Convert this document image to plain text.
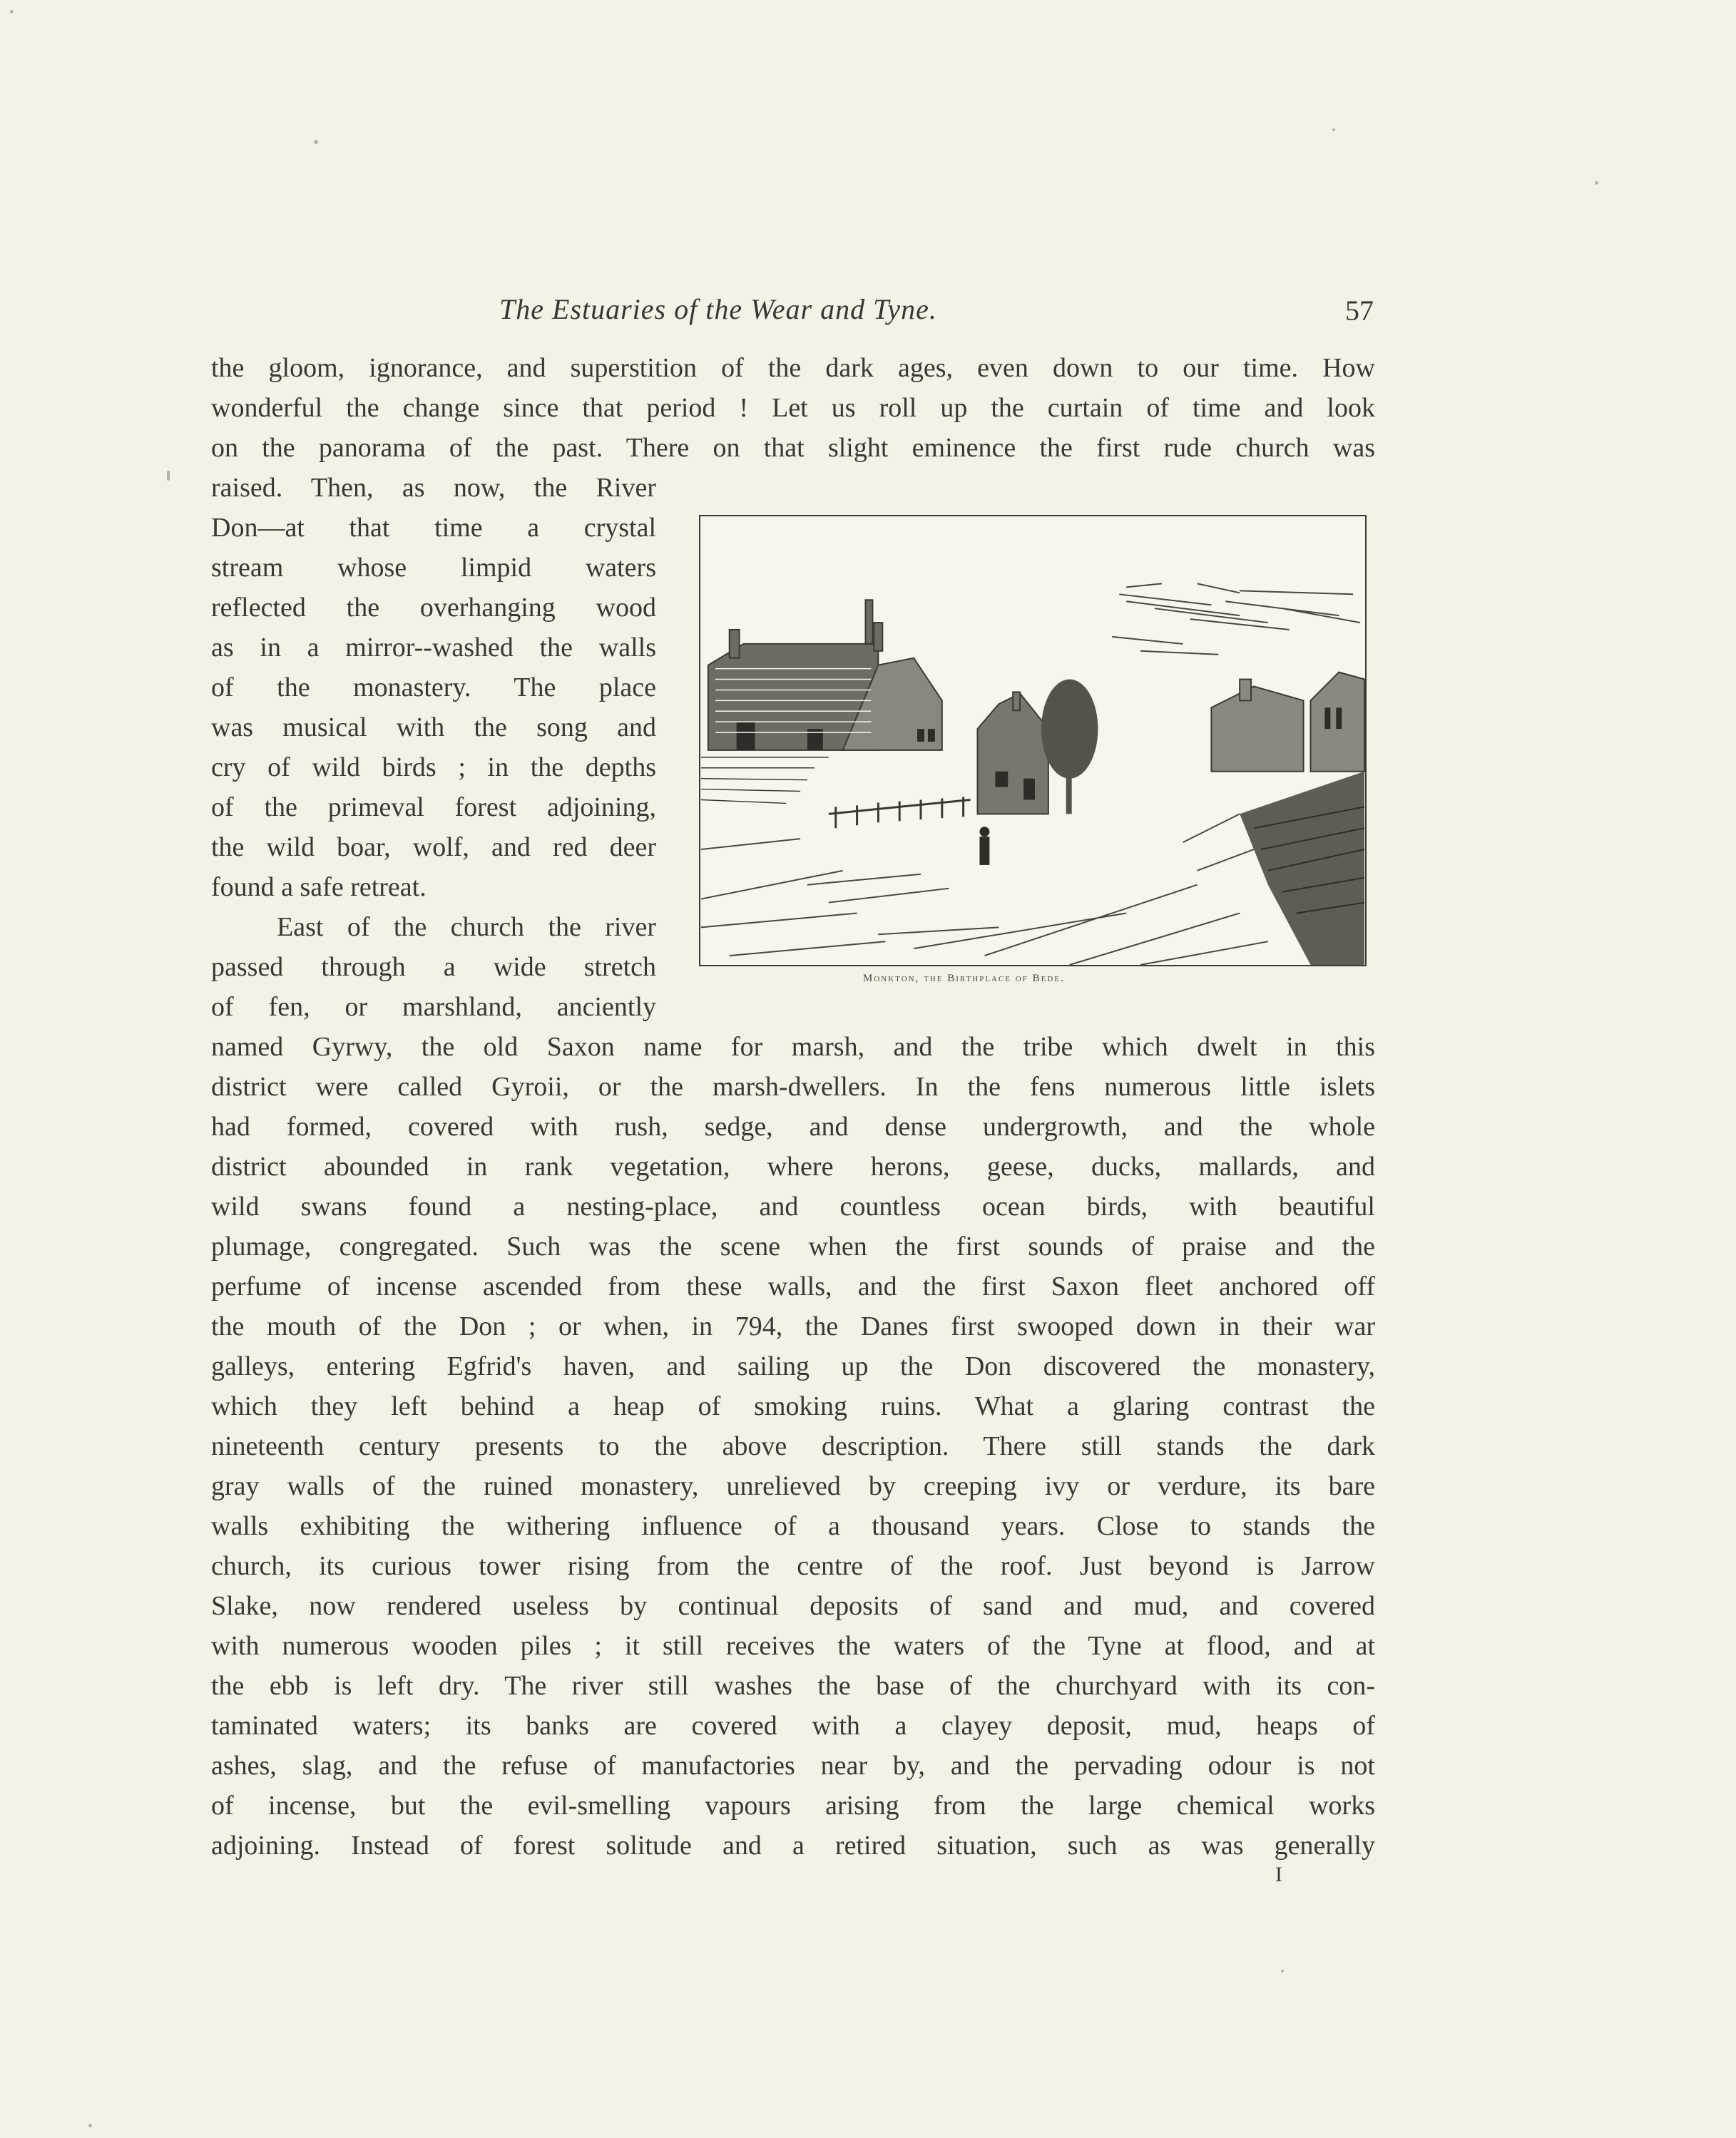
The Estuaries of the Wear and Tyne.	57
the gloom, ignorance, and superstition of the dark ages, even down to our time. How
wonderful the change since that period ! Let us roll up the curtain of time and look
on the panorama of the past. There on that slight eminence the first rude church was
raised. Then, as now, the River
Don—at that time a crystal
stream whose limpid waters
reflected the overhanging wood
as in a mirror--washed the walls
of the monastery. The place
was musical with the song and
cry of wild birds ; in the depths
of the primeval forest adjoining,
the wild boar, wolf, and red deer
found a safe retreat.
East of the church the river
passed through a wide stretch
of fen, or marshland, anciently
Monkton, the Birthplace of Bede.
named Gyrwy, the old Saxon name for marsh, and the tribe which dwelt in this
district were called Gyroii, or the marsh-dwellers. In the fens numerous little islets
had formed, covered with rush, sedge, and dense undergrowth, and the whole
district abounded in rank vegetation, where herons, geese, ducks, mallards, and
wild swans found a nesting-place, and countless ocean birds, with beautiful
plumage, congregated. Such was the scene when the first sounds of praise and the
perfume of incense ascended from these walls, and the first Saxon fleet anchored off
the mouth of the Don ; or when, in 794, the Danes first swooped down in their war
galleys, entering Egfrid's haven, and sailing up the Don discovered the monastery,
which they left behind a heap of smoking ruins. What a glaring contrast the
nineteenth century presents to the above description. There still stands the dark
gray walls of the ruined monastery, unrelieved by creeping ivy or verdure, its bare
walls exhibiting the withering influence of a thousand years. Close to stands the
church, its curious tower rising from the centre of the roof. Just beyond is Jarrow
Slake, now rendered useless by continual deposits of sand and mud, and covered
with numerous wooden piles ; it still receives the waters of the Tyne at flood, and at
the ebb is left dry. The river still washes the base of the churchyard with its con-
taminated waters; its banks are covered with a clayey deposit, mud, heaps of
ashes, slag, and the refuse of manufactories near by, and the pervading odour is not
of incense, but the evil-smelling vapours arising from the large chemical works
adjoining. Instead of forest solitude and a retired situation, such as was generally
I
